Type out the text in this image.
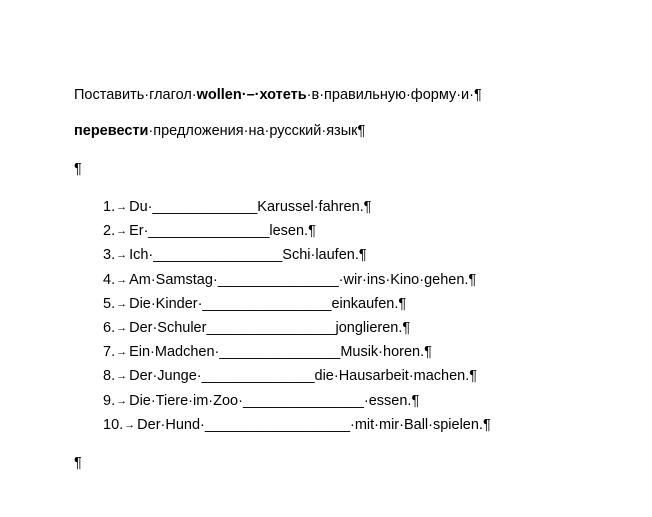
Поставить·глагол·wollen·–·хотеть·в·правильную·форму·и·¶
перевести·предложения·на·русский·язык¶
¶
1.→ Du·_____________Karussel·fahren.¶
2.→ Er·_______________lesen.¶
3.→ Ich·________________Schi·laufen.¶
4.→ Am·Samstag·_______________·wir·ins·Kino·gehen.¶
5.→ Die·Kinder·________________einkaufen.¶
6.→ Der·Schuler________________jonglieren.¶
7.→ Ein·Madchen·_______________Musik·horen.¶
8.→ Der·Junge·______________die·Hausarbeit·machen.¶
9.→ Die·Tiere·im·Zoo·_______________·essen.¶
10.→ Der·Hund·__________________·mit·mir·Ball·spielen.¶
¶
